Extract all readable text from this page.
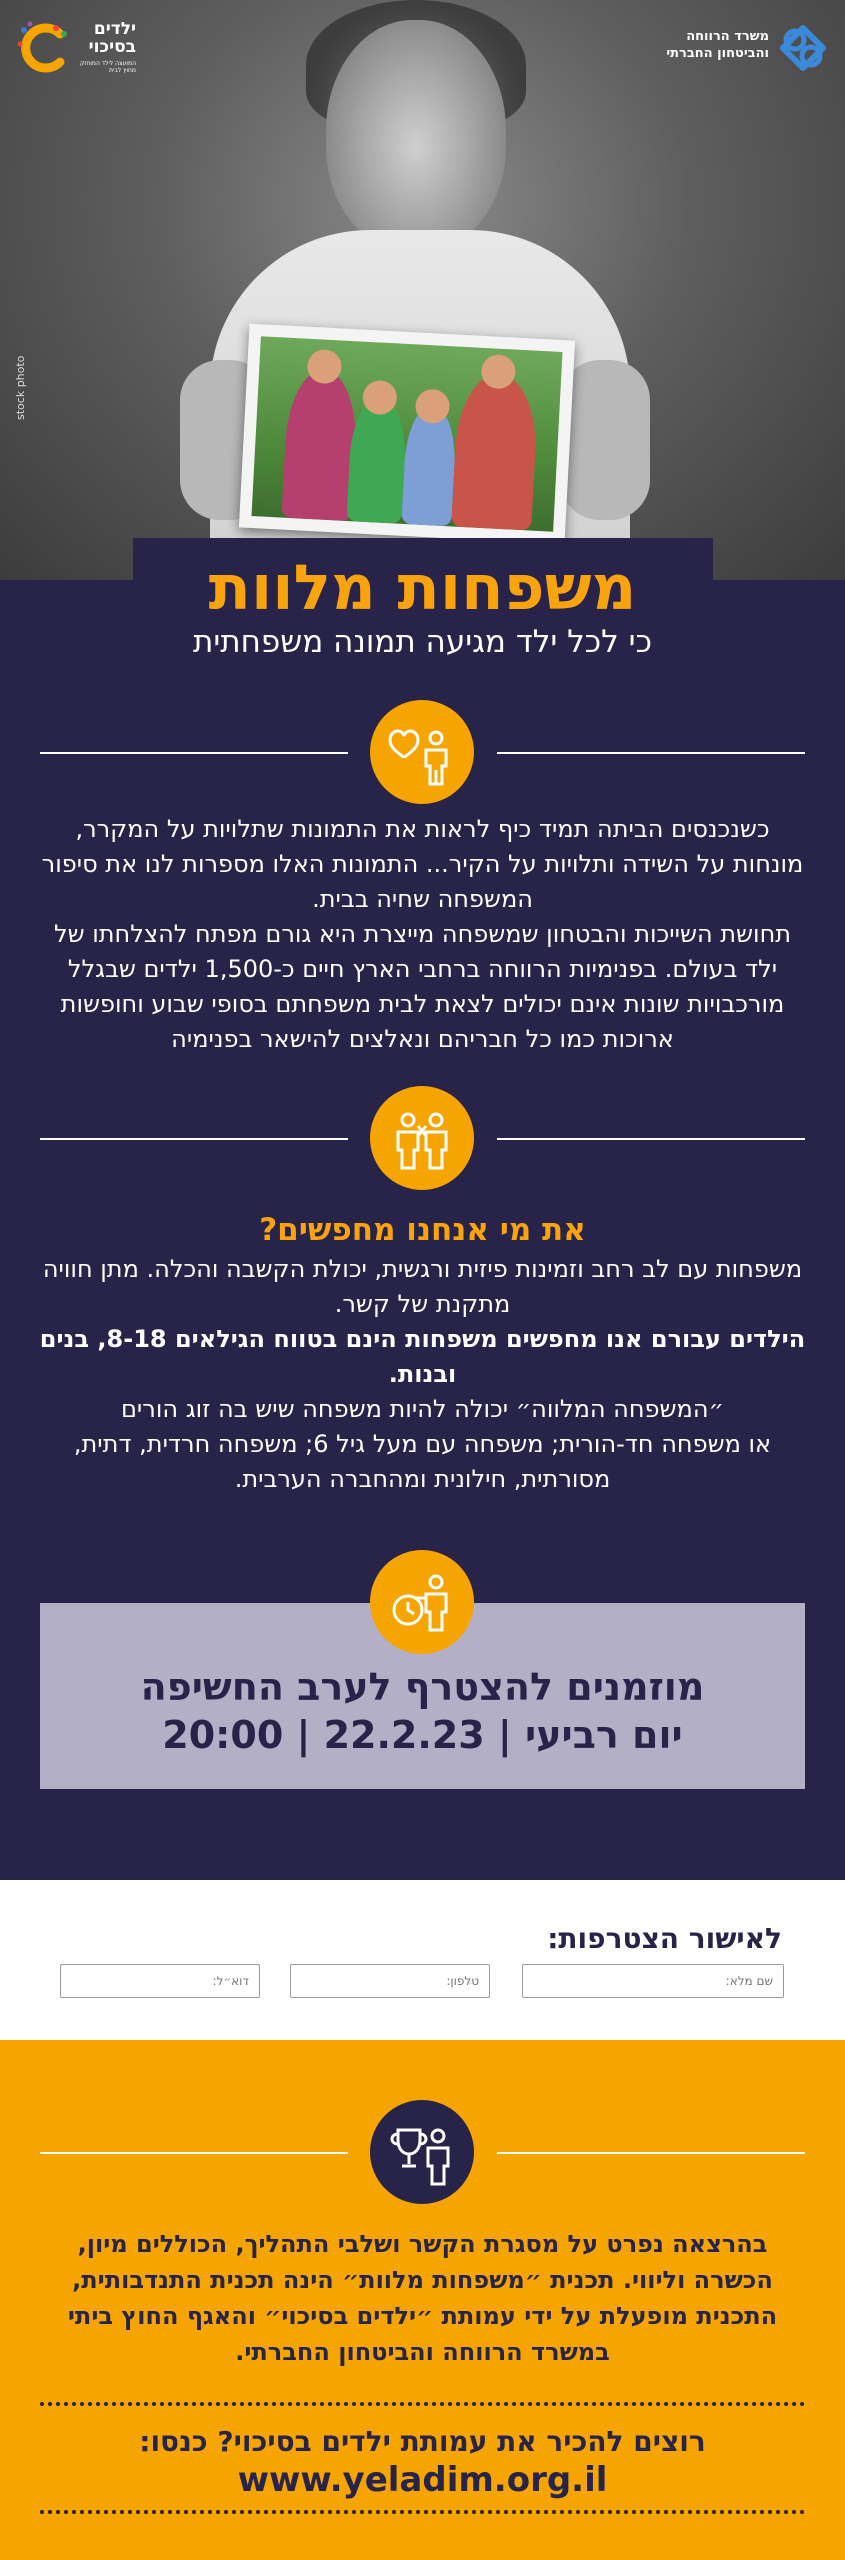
stock photo
ילדים בסיכוי
המועצה לילד המוחזק מחוץ לבית
משרד הרווחה
והביטחון החברתי
משפחות מלוות
כי לכל ילד מגיעה תמונה משפחתית

כשנכנסים הביתה תמיד כיף לראות את התמונות שתלויות על המקרר, מונחות על השידה ותלויות על הקיר... התמונות האלו מספרות לנו את סיפור המשפחה שחיה בבית.

תחושת השייכות והבטחון שמשפחה מייצרת היא גורם מפתח להצלחתו של ילד בעולם. בפנימיות הרווחה ברחבי הארץ חיים כ-1,500 ילדים שבגלל מורכבויות שונות אינם יכולים לצאת לבית משפחתם בסופי שבוע וחופשות ארוכות כמו כל חבריהם ונאלצים להישאר בפנימיה

את מי אנחנו מחפשים?

משפחות עם לב רחב וזמינות פיזית ורגשית, יכולת הקשבה והכלה. מתן חוויה מתקנת של קשר.

הילדים עבורם אנו מחפשים משפחות הינם בטווח הגילאים 8-18, בנים ובנות.

״המשפחה המלווה״ יכולה להיות משפחה שיש בה זוג הורים

או משפחה חד-הורית; משפחה עם מעל גיל 6; משפחה חרדית, דתית, מסורתית, חילונית ומהחברה הערבית.

מוזמנים להצטרף לערב החשיפה
יום רביעי | 22.2.23 | 20:00
לאישור הצטרפות:
שם מלא:
טלפון:
דוא״ל:
בהרצאה נפרט על מסגרת הקשר ושלבי התהליך, הכוללים מיון, הכשרה וליווי. תכנית ״משפחות מלוות״ הינה תכנית התנדבותית, התכנית מופעלת על ידי עמותת ״ילדים בסיכוי״ והאגף החוץ ביתי במשרד הרווחה והביטחון החברתי.
רוצים להכיר את עמותת ילדים בסיכוי? כנסו:
www.yeladim.org.il
